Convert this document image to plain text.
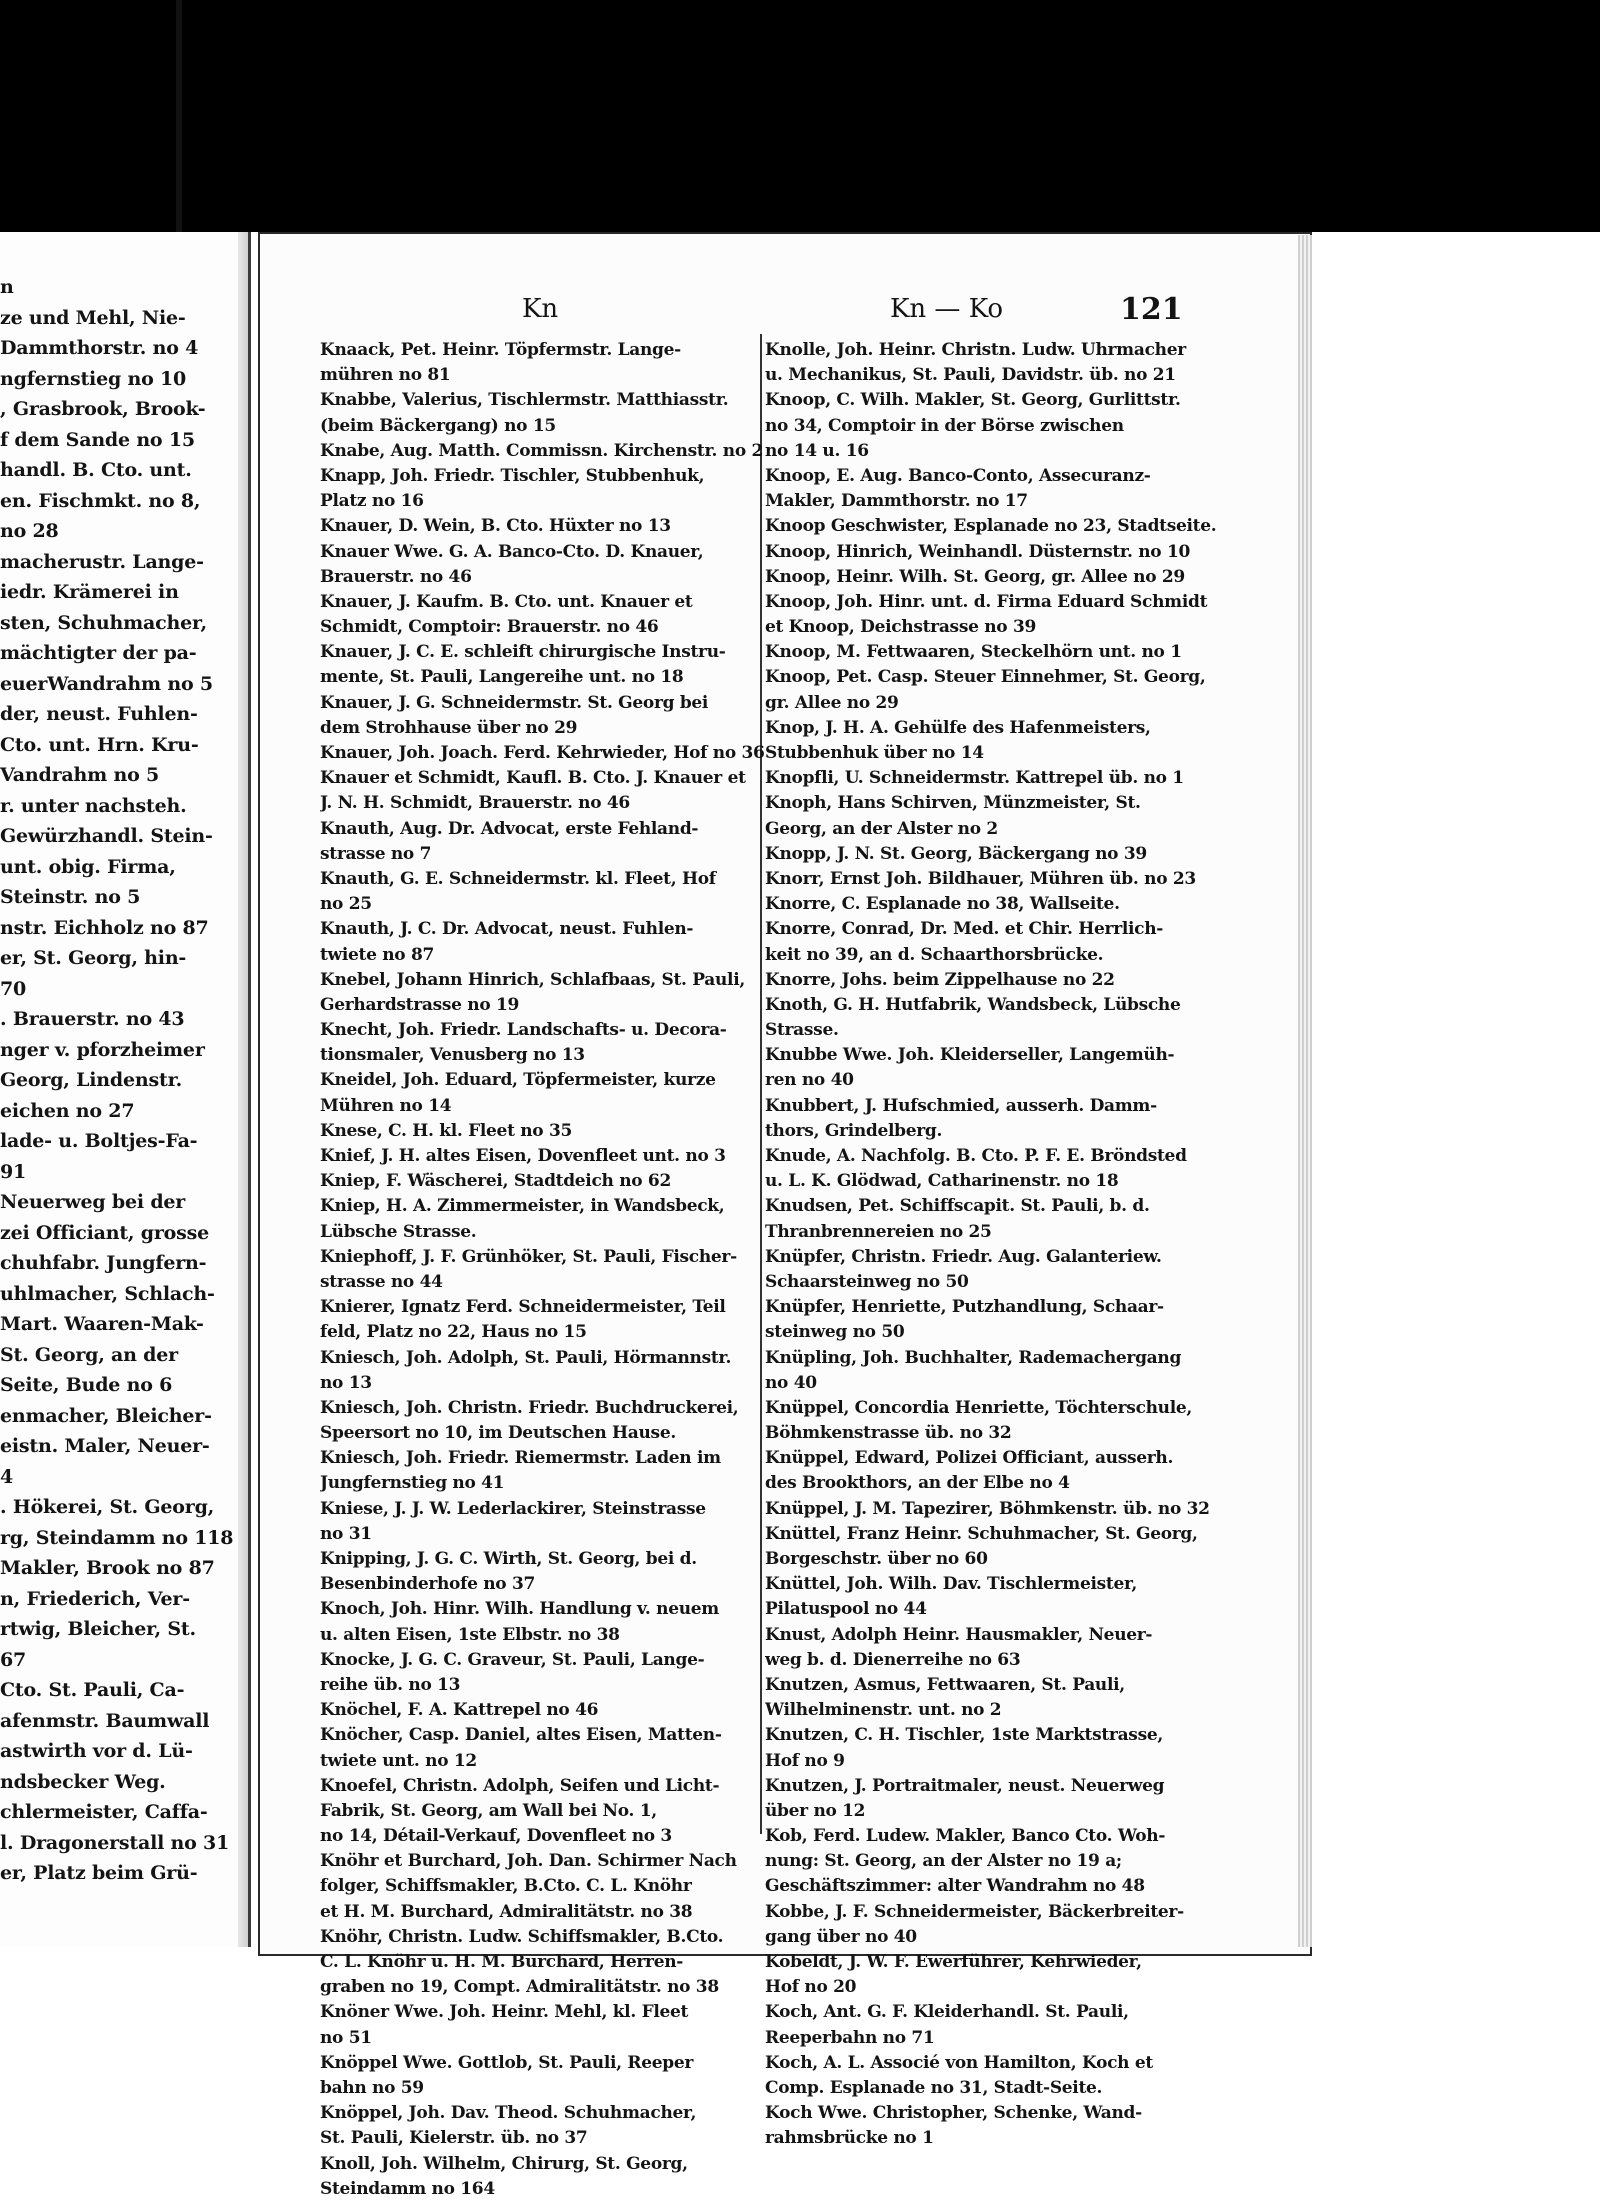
n
ze und Mehl, Nie-
Dammthorstr. no 4
ngfernstieg no 10
, Grasbrook, Brook-
f dem Sande no 15
handl. B. Cto. unt.
en. Fischmkt. no 8,
no 28
macherustr. Lange-
iedr. Krämerei in
sten, Schuhmacher,
mächtigter der pa-
euerWandrahm no 5
der, neust. Fuhlen-
Cto. unt. Hrn. Kru-
Vandrahm no 5
r. unter nachsteh.
Gewürzhandl. Stein-
unt. obig. Firma,
Steinstr. no 5
nstr. Eichholz no 87
er, St. Georg, hin-
70
. Brauerstr. no 43
nger v. pforzheimer
Georg, Lindenstr.
eichen no 27
lade- u. Boltjes-Fa-
91
Neuerweg bei der
zei Officiant, grosse
chuhfabr. Jungfern-
uhlmacher, Schlach-
Mart. Waaren-Mak-
St. Georg, an der
Seite, Bude no 6
enmacher, Bleicher-
eistn. Maler, Neuer-
4
. Hökerei, St. Georg,
rg, Steindamm no 118
Makler, Brook no 87
n, Friederich, Ver-
rtwig, Bleicher, St.
67
Cto. St. Pauli, Ca-
afenmstr. Baumwall
astwirth vor d. Lü-
ndsbecker Weg.
chlermeister, Caffa-
l. Dragonerstall no 31
er, Platz beim Grü-
Kn	Kn — Ko	121
Knaack, Pet. Heinr. Töpfermstr. Lange-
mühren no 81
Knabbe, Valerius, Tischlermstr. Matthiasstr.
(beim Bäckergang) no 15
Knabe, Aug. Matth. Commissn. Kirchenstr. no 2
Knapp, Joh. Friedr. Tischler, Stubbenhuk,
Platz no 16
Knauer, D. Wein, B. Cto. Hüxter no 13
Knauer Wwe. G. A. Banco-Cto. D. Knauer,
Brauerstr. no 46
Knauer, J. Kaufm. B. Cto. unt. Knauer et
Schmidt, Comptoir: Brauerstr. no 46
Knauer, J. C. E. schleift chirurgische Instru-
mente, St. Pauli, Langereihe unt. no 18
Knauer, J. G. Schneidermstr. St. Georg bei
dem Strohhause über no 29
Knauer, Joh. Joach. Ferd. Kehrwieder, Hof no 36
Knauer et Schmidt, Kaufl. B. Cto. J. Knauer et
J. N. H. Schmidt, Brauerstr. no 46
Knauth, Aug. Dr. Advocat, erste Fehland-
strasse no 7
Knauth, G. E. Schneidermstr. kl. Fleet, Hof
no 25
Knauth, J. C. Dr. Advocat, neust. Fuhlen-
twiete no 87
Knebel, Johann Hinrich, Schlafbaas, St. Pauli,
Gerhardstrasse no 19
Knecht, Joh. Friedr. Landschafts- u. Decora-
tionsmaler, Venusberg no 13
Kneidel, Joh. Eduard, Töpfermeister, kurze
Mühren no 14
Knese, C. H. kl. Fleet no 35
Knief, J. H. altes Eisen, Dovenfleet unt. no 3
Kniep, F. Wäscherei, Stadtdeich no 62
Kniep, H. A. Zimmermeister, in Wandsbeck,
Lübsche Strasse.
Kniephoff, J. F. Grünhöker, St. Pauli, Fischer-
strasse no 44
Knierer, Ignatz Ferd. Schneidermeister, Teil
feld, Platz no 22, Haus no 15
Kniesch, Joh. Adolph, St. Pauli, Hörmannstr.
no 13
Kniesch, Joh. Christn. Friedr. Buchdruckerei,
Speersort no 10, im Deutschen Hause.
Kniesch, Joh. Friedr. Riemermstr. Laden im
Jungfernstieg no 41
Kniese, J. J. W. Lederlackirer, Steinstrasse
no 31
Knipping, J. G. C. Wirth, St. Georg, bei d.
Besenbinderhofe no 37
Knoch, Joh. Hinr. Wilh. Handlung v. neuem
u. alten Eisen, 1ste Elbstr. no 38
Knocke, J. G. C. Graveur, St. Pauli, Lange-
reihe üb. no 13
Knöchel, F. A. Kattrepel no 46
Knöcher, Casp. Daniel, altes Eisen, Matten-
twiete unt. no 12
Knoefel, Christn. Adolph, Seifen und Licht-
Fabrik, St. Georg, am Wall bei No. 1,
no 14, Détail-Verkauf, Dovenfleet no 3
Knöhr et Burchard, Joh. Dan. Schirmer Nach
folger, Schiffsmakler, B.Cto. C. L. Knöhr
et H. M. Burchard, Admiralitätstr. no 38
Knöhr, Christn. Ludw. Schiffsmakler, B.Cto.
C. L. Knöhr u. H. M. Burchard, Herren-
graben no 19, Compt. Admiralitätstr. no 38
Knöner Wwe. Joh. Heinr. Mehl, kl. Fleet
no 51
Knöppel Wwe. Gottlob, St. Pauli, Reeper
bahn no 59
Knöppel, Joh. Dav. Theod. Schuhmacher,
St. Pauli, Kielerstr. üb. no 37
Knoll, Joh. Wilhelm, Chirurg, St. Georg,
Steindamm no 164
Knolle, Joh. Heinr. Christn. Ludw. Uhrmacher
u. Mechanikus, St. Pauli, Davidstr. üb. no 21
Knoop, C. Wilh. Makler, St. Georg, Gurlittstr.
no 34, Comptoir in der Börse zwischen
no 14 u. 16
Knoop, E. Aug. Banco-Conto, Assecuranz-
Makler, Dammthorstr. no 17
Knoop Geschwister, Esplanade no 23, Stadtseite.
Knoop, Hinrich, Weinhandl. Düsternstr. no 10
Knoop, Heinr. Wilh. St. Georg, gr. Allee no 29
Knoop, Joh. Hinr. unt. d. Firma Eduard Schmidt
et Knoop, Deichstrasse no 39
Knoop, M. Fettwaaren, Steckelhörn unt. no 1
Knoop, Pet. Casp. Steuer Einnehmer, St. Georg,
gr. Allee no 29
Knop, J. H. A. Gehülfe des Hafenmeisters,
Stubbenhuk über no 14
Knopfli, U. Schneidermstr. Kattrepel üb. no 1
Knoph, Hans Schirven, Münzmeister, St.
Georg, an der Alster no 2
Knopp, J. N. St. Georg, Bäckergang no 39
Knorr, Ernst Joh. Bildhauer, Mühren üb. no 23
Knorre, C. Esplanade no 38, Wallseite.
Knorre, Conrad, Dr. Med. et Chir. Herrlich-
keit no 39, an d. Schaarthorsbrücke.
Knorre, Johs. beim Zippelhause no 22
Knoth, G. H. Hutfabrik, Wandsbeck, Lübsche
Strasse.
Knubbe Wwe. Joh. Kleiderseller, Langemüh-
ren no 40
Knubbert, J. Hufschmied, ausserh. Damm-
thors, Grindelberg.
Knude, A. Nachfolg. B. Cto. P. F. E. Bröndsted
u. L. K. Glödwad, Catharinenstr. no 18
Knudsen, Pet. Schiffscapit. St. Pauli, b. d.
Thranbrennereien no 25
Knüpfer, Christn. Friedr. Aug. Galanteriew.
Schaarsteinweg no 50
Knüpfer, Henriette, Putzhandlung, Schaar-
steinweg no 50
Knüpling, Joh. Buchhalter, Rademachergang
no 40
Knüppel, Concordia Henriette, Töchterschule,
Böhmkenstrasse üb. no 32
Knüppel, Edward, Polizei Officiant, ausserh.
des Brookthors, an der Elbe no 4
Knüppel, J. M. Tapezirer, Böhmkenstr. üb. no 32
Knüttel, Franz Heinr. Schuhmacher, St. Georg,
Borgeschstr. über no 60
Knüttel, Joh. Wilh. Dav. Tischlermeister,
Pilatuspool no 44
Knust, Adolph Heinr. Hausmakler, Neuer-
weg b. d. Dienerreihe no 63
Knutzen, Asmus, Fettwaaren, St. Pauli,
Wilhelminenstr. unt. no 2
Knutzen, C. H. Tischler, 1ste Marktstrasse,
Hof no 9
Knutzen, J. Portraitmaler, neust. Neuerweg
über no 12
Kob, Ferd. Ludew. Makler, Banco Cto. Woh-
nung: St. Georg, an der Alster no 19 a;
Geschäftszimmer: alter Wandrahm no 48
Kobbe, J. F. Schneidermeister, Bäckerbreiter-
gang über no 40
Kobeldt, J. W. F. Ewerführer, Kehrwieder,
Hof no 20
Koch, Ant. G. F. Kleiderhandl. St. Pauli,
Reeperbahn no 71
Koch, A. L. Associé von Hamilton, Koch et
Comp. Esplanade no 31, Stadt-Seite.
Koch Wwe. Christopher, Schenke, Wand-
rahmsbrücke no 1
